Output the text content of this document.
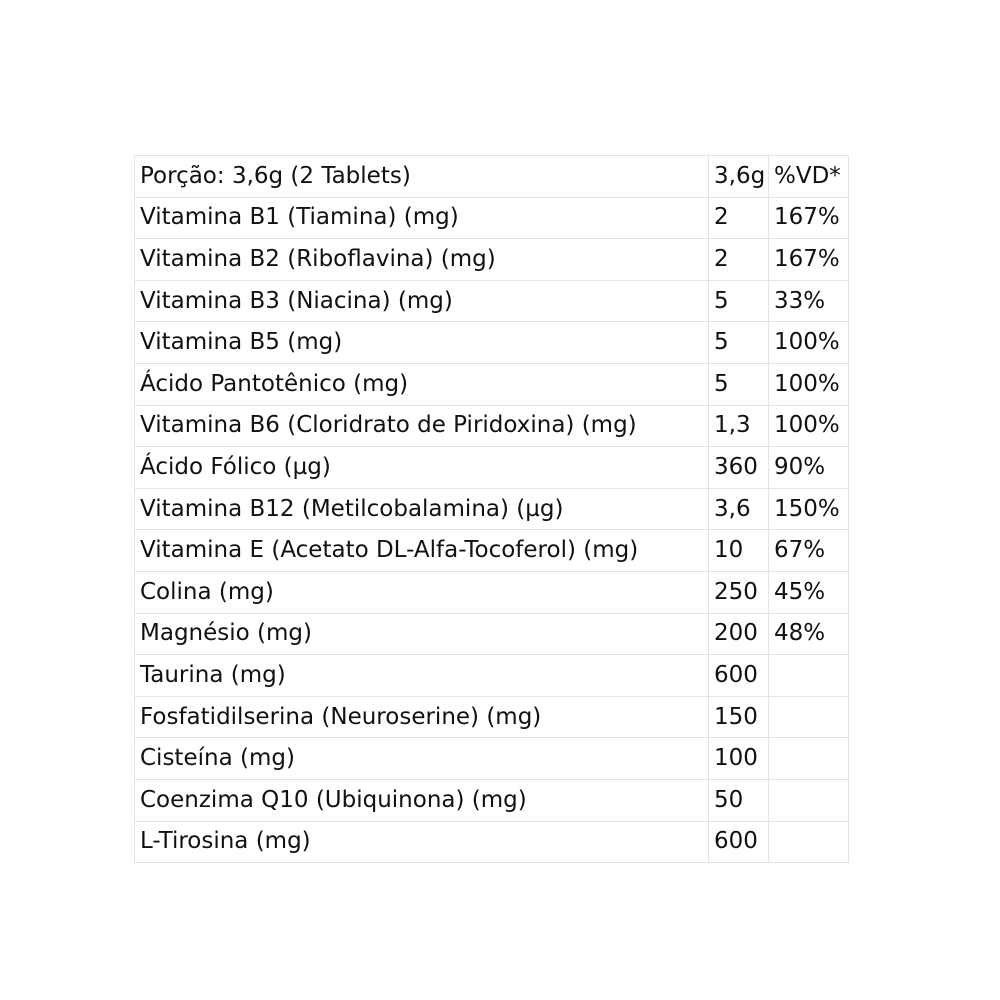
Porção: 3,6g (2 Tablets)	3,6g	%VD*
Vitamina B1 (Tiamina) (mg)	2	167%
Vitamina B2 (Riboflavina) (mg)	2	167%
Vitamina B3 (Niacina) (mg)	5	33%
Vitamina B5 (mg)	5	100%
Ácido Pantotênico (mg)	5	100%
Vitamina B6 (Cloridrato de Piridoxina) (mg)	1,3	100%
Ácido Fólico (µg)	360	90%
Vitamina B12 (Metilcobalamina) (µg)	3,6	150%
Vitamina E (Acetato DL-Alfa-Tocoferol) (mg)	10	67%
Colina (mg)	250	45%
Magnésio (mg)	200	48%
Taurina (mg)	600	
Fosfatidilserina (Neuroserine) (mg)	150	
Cisteína (mg)	100	
Coenzima Q10 (Ubiquinona) (mg)	50	
L-Tirosina (mg)	600	
